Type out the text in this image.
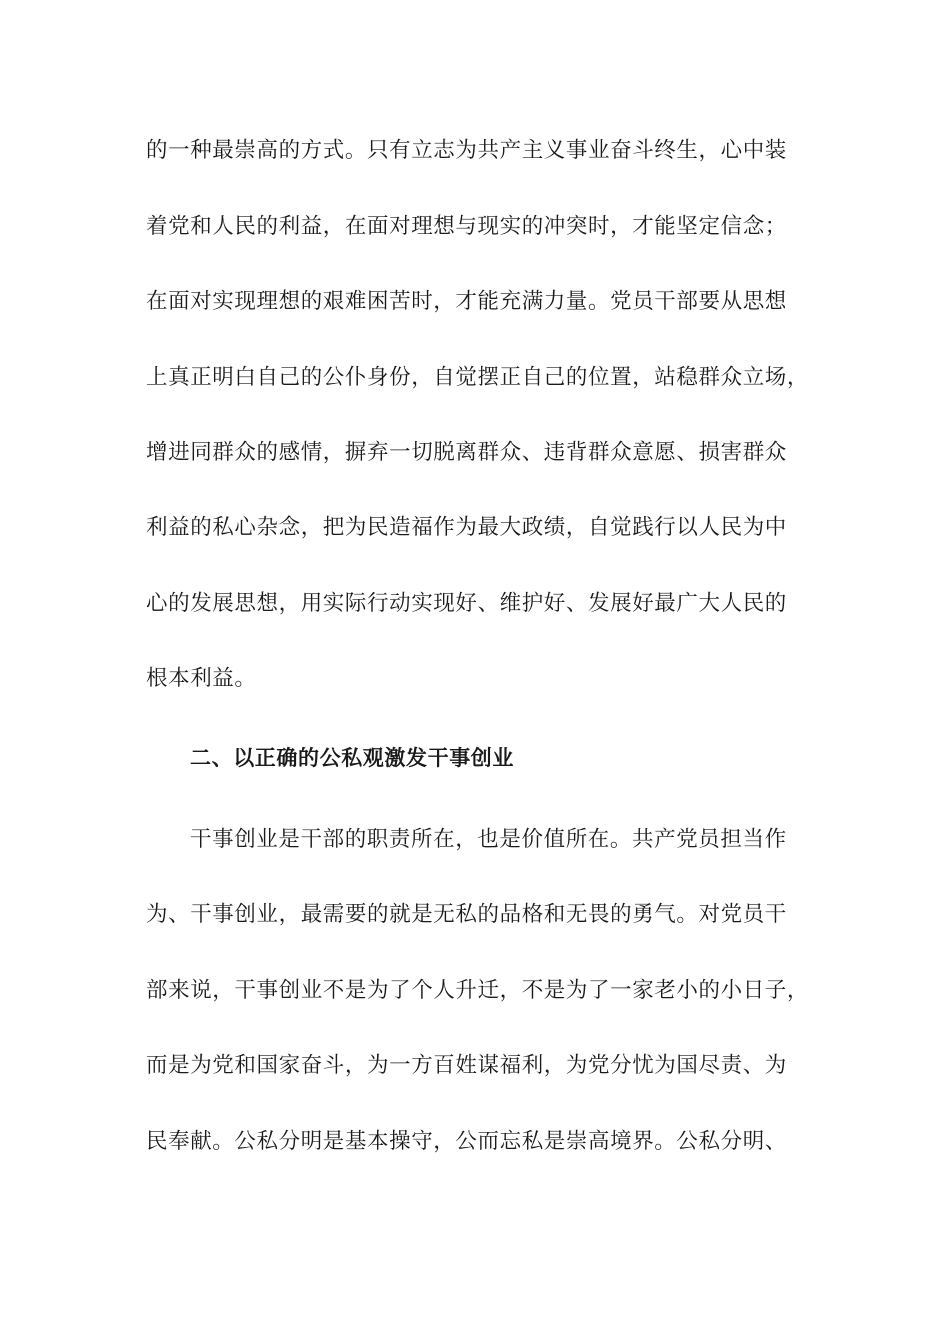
的一种最崇高的方式。只有立志为共产主义事业奋斗终生，心中装
着党和人民的利益，在面对理想与现实的冲突时，才能坚定信念；
在面对实现理想的艰难困苦时，才能充满力量。党员干部要从思想
上真正明白自己的公仆身份，自觉摆正自己的位置，站稳群众立场，
增进同群众的感情，摒弃一切脱离群众、违背群众意愿、损害群众
利益的私心杂念，把为民造福作为最大政绩，自觉践行以人民为中
心的发展思想，用实际行动实现好、维护好、发展好最广大人民的
根本利益。
二、以正确的公私观激发干事创业
干事创业是干部的职责所在，也是价值所在。共产党员担当作
为、干事创业，最需要的就是无私的品格和无畏的勇气。对党员干
部来说，干事创业不是为了个人升迁，不是为了一家老小的小日子，
而是为党和国家奋斗，为一方百姓谋福利，为党分忧为国尽责、为
民奉献。公私分明是基本操守，公而忘私是崇高境界。公私分明、
